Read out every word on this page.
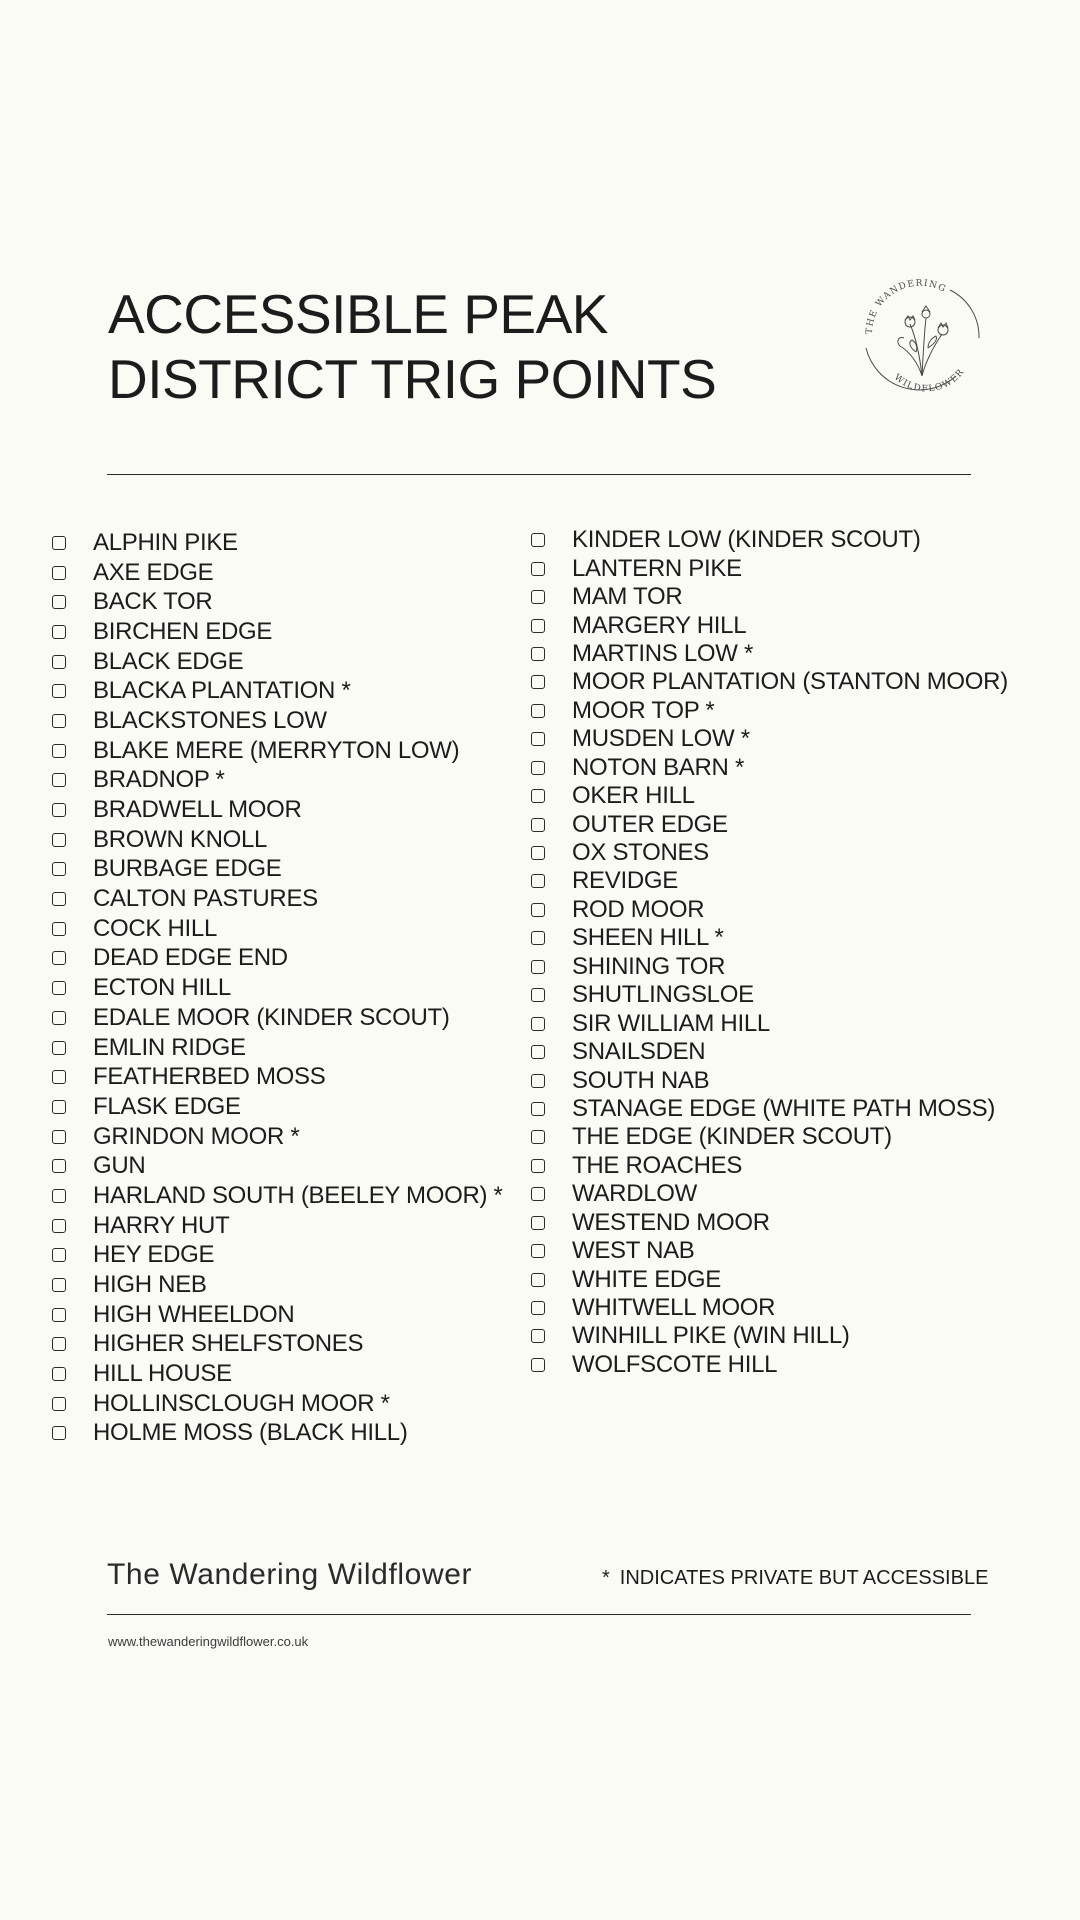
ACCESSIBLE PEAK
DISTRICT TRIG POINTS
THE WANDERING
WILDFLOWER
ALPHIN PIKE
AXE EDGE
BACK TOR
BIRCHEN EDGE
BLACK EDGE
BLACKA PLANTATION *
BLACKSTONES LOW
BLAKE MERE (MERRYTON LOW)
BRADNOP *
BRADWELL MOOR
BROWN KNOLL
BURBAGE EDGE
CALTON PASTURES
COCK HILL
DEAD EDGE END
ECTON HILL
EDALE MOOR (KINDER SCOUT)
EMLIN RIDGE
FEATHERBED MOSS
FLASK EDGE
GRINDON MOOR *
GUN
HARLAND SOUTH (BEELEY MOOR) *
HARRY HUT
HEY EDGE
HIGH NEB
HIGH WHEELDON
HIGHER SHELFSTONES
HILL HOUSE
HOLLINSCLOUGH MOOR *
HOLME MOSS (BLACK HILL)
KINDER LOW (KINDER SCOUT)
LANTERN PIKE
MAM TOR
MARGERY HILL
MARTINS LOW *
MOOR PLANTATION (STANTON MOOR)
MOOR TOP *
MUSDEN LOW *
NOTON BARN *
OKER HILL
OUTER EDGE
OX STONES
REVIDGE
ROD MOOR
SHEEN HILL *
SHINING TOR
SHUTLINGSLOE
SIR WILLIAM HILL
SNAILSDEN
SOUTH NAB
STANAGE EDGE (WHITE PATH MOSS)
THE EDGE (KINDER SCOUT)
THE ROACHES
WARDLOW
WESTEND MOOR
WEST NAB
WHITE EDGE
WHITWELL MOOR
WINHILL PIKE (WIN HILL)
WOLFSCOTE HILL
The Wandering Wildflower	* INDICATES PRIVATE BUT ACCESSIBLE
www.thewanderingwildflower.co.uk
